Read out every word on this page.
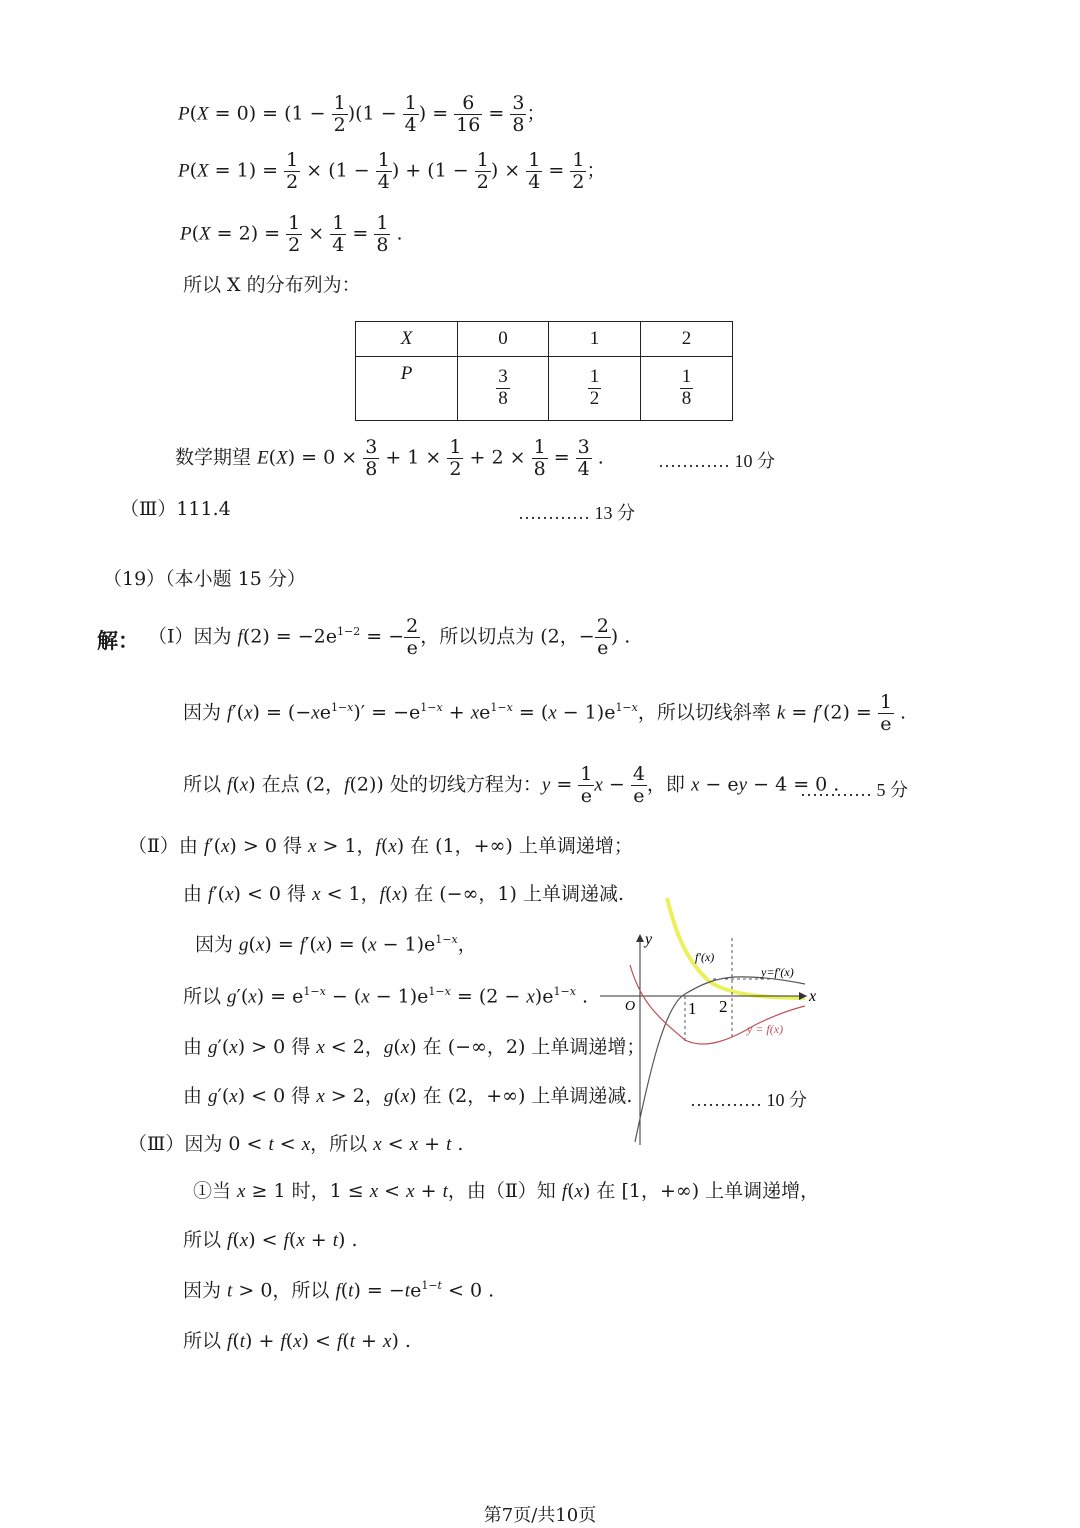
$P(X = 0) = (1 - \frac{1}{2} )(1 - \frac{1}{4}$ ) = $\frac{6}{16} = \frac{3}{8}$ ；
$P(X = 1) = \frac{1}{2} \times (1 - \frac{1}{4}$ ) + ($1 - \frac{1}{2}$ ) × $\frac{1}{4} = \frac{1}{2}$ ；
$P(X = 2) = \frac{1}{2} \times \frac{1}{4} = \frac{1}{8}$ .
所以 X 的分布列为：
X	0	1	2
P	$\frac{3}{8}$	$\frac{1}{2}$	$\frac{1}{8}$
数学期望 $E(X) = 0 \times \frac{3}{8} + 1 \times \frac{1}{2} + 2 \times \frac{1}{8} = \frac{3}{4}$ .	………… 10 分
（Ⅲ）111.4	………… 13 分
（19）（本小题 15 分）
解： （Ⅰ）因为 $f(2) = -2e^{1-2}$ = − $\frac{2}{e}$ ，所以切点为 (2，− $\frac{2}{e}$ ) .
因为 $f'(x) = (-xe^{1-x})' = -e^{1-x} + xe^{1-x} = (x - 1)e^{1-x}$，所以切线斜率 $k = f'(2) = \frac{1}{e}$ .
所以 f(x) 在点 (2，f(2)) 处的切线方程为：$y = \frac{1}{e}$ $x - \frac{4}{e}$ ，即 x − ey − 4 = 0 .
………… 5 分
（Ⅱ）由 f′(x) > 0 得 x > 1，f(x) 在 (1，+∞) 上单调递增；
由 f′(x) < 0 得 x < 1，f(x) 在 (−∞，1) 上单调递减.
因为 $g(x) = f'(x) = (x - 1)e^{1-x}$，
所以 $g'(x) = e^{1-x} - (x - 1)e^{1-x} = (2 - x)e^{1-x}$ .
由 g′(x) > 0 得 x < 2，g(x) 在 (−∞，2) 上单调递增；
由 g′(x) < 0 得 x > 2，g(x) 在 (2，+∞) 上单调递减.	………… 10 分
（Ⅲ）因为 0 < t < x，所以 x < x + t .
①当 x ≥ 1 时，1 ≤ x < x + t，由（Ⅱ）知 f(x) 在 [1，+∞) 上单调递增，
所以 f(x) < f(x + t) .
因为 t > 0，所以 $f(t) = -te^{1-t} < 0$ .
所以 f(t) + f(x) < f(t + x) .
y
x
O	1 2
f′(x)
y=f′(x)
y = f(x)
第7页/共10页
